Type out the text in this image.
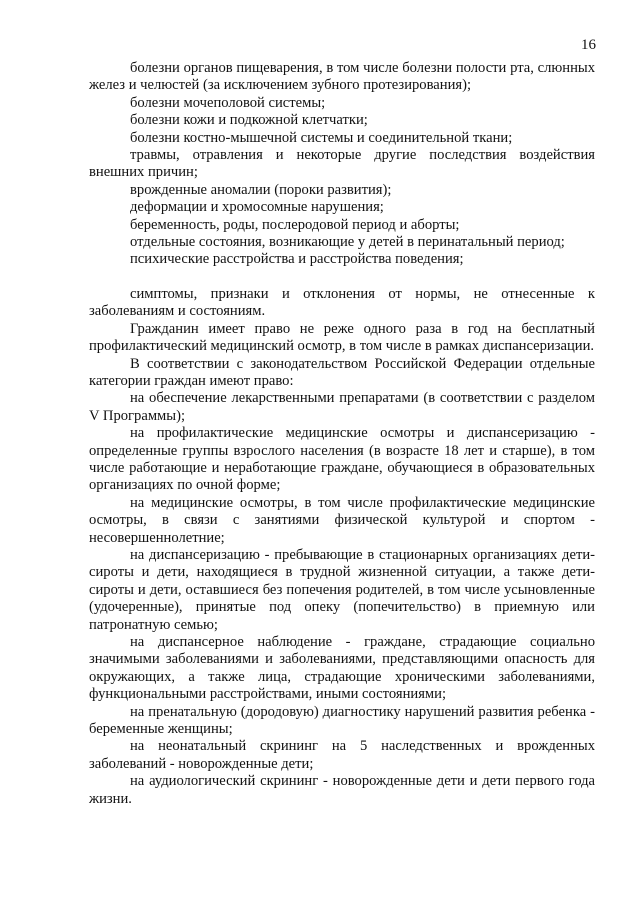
16

болезни органов пищеварения, в том числе болезни полости рта, слюнных желез и челюстей (за исключением зубного протезирования);

болезни мочеполовой системы;

болезни кожи и подкожной клетчатки;

болезни костно-мышечной системы и соединительной ткани;

травмы, отравления и некоторые другие последствия воздействия внешних причин;

врожденные аномалии (пороки развития);

деформации и хромосомные нарушения;

беременность, роды, послеродовой период и аборты;

отдельные состояния, возникающие у детей в перинатальный период;

психические расстройства и расстройства поведения;

симптомы, признаки и отклонения от нормы, не отнесенные к заболеваниям и состояниям.

Гражданин имеет право не реже одного раза в год на бесплатный профилактический медицинский осмотр, в том числе в рамках диспансеризации.

В соответствии с законодательством Российской Федерации отдельные категории граждан имеют право:

на обеспечение лекарственными препаратами (в соответствии с разделом V Программы);

на профилактические медицинские осмотры и диспансеризацию - определенные группы взрослого населения (в возрасте 18 лет и старше), в том числе работающие и неработающие граждане, обучающиеся в образовательных организациях по очной форме;

на медицинские осмотры, в том числе профилактические медицинские осмотры, в связи с занятиями физической культурой и спортом - несовершеннолетние;

на диспансеризацию - пребывающие в стационарных организациях дети-сироты и дети, находящиеся в трудной жизненной ситуации, а также дети-сироты и дети, оставшиеся без попечения родителей, в том числе усыновленные (удочеренные), принятые под опеку (попечительство) в приемную или патронатную семью;

на диспансерное наблюдение - граждане, страдающие социально значимыми заболеваниями и заболеваниями, представляющими опасность для окружающих, а также лица, страдающие хроническими заболеваниями, функциональными расстройствами, иными состояниями;

на пренатальную (дородовую) диагностику нарушений развития ребенка - беременные женщины;

на неонатальный скрининг на 5 наследственных и врожденных заболеваний - новорожденные дети;

на аудиологический скрининг - новорожденные дети и дети первого года жизни.
